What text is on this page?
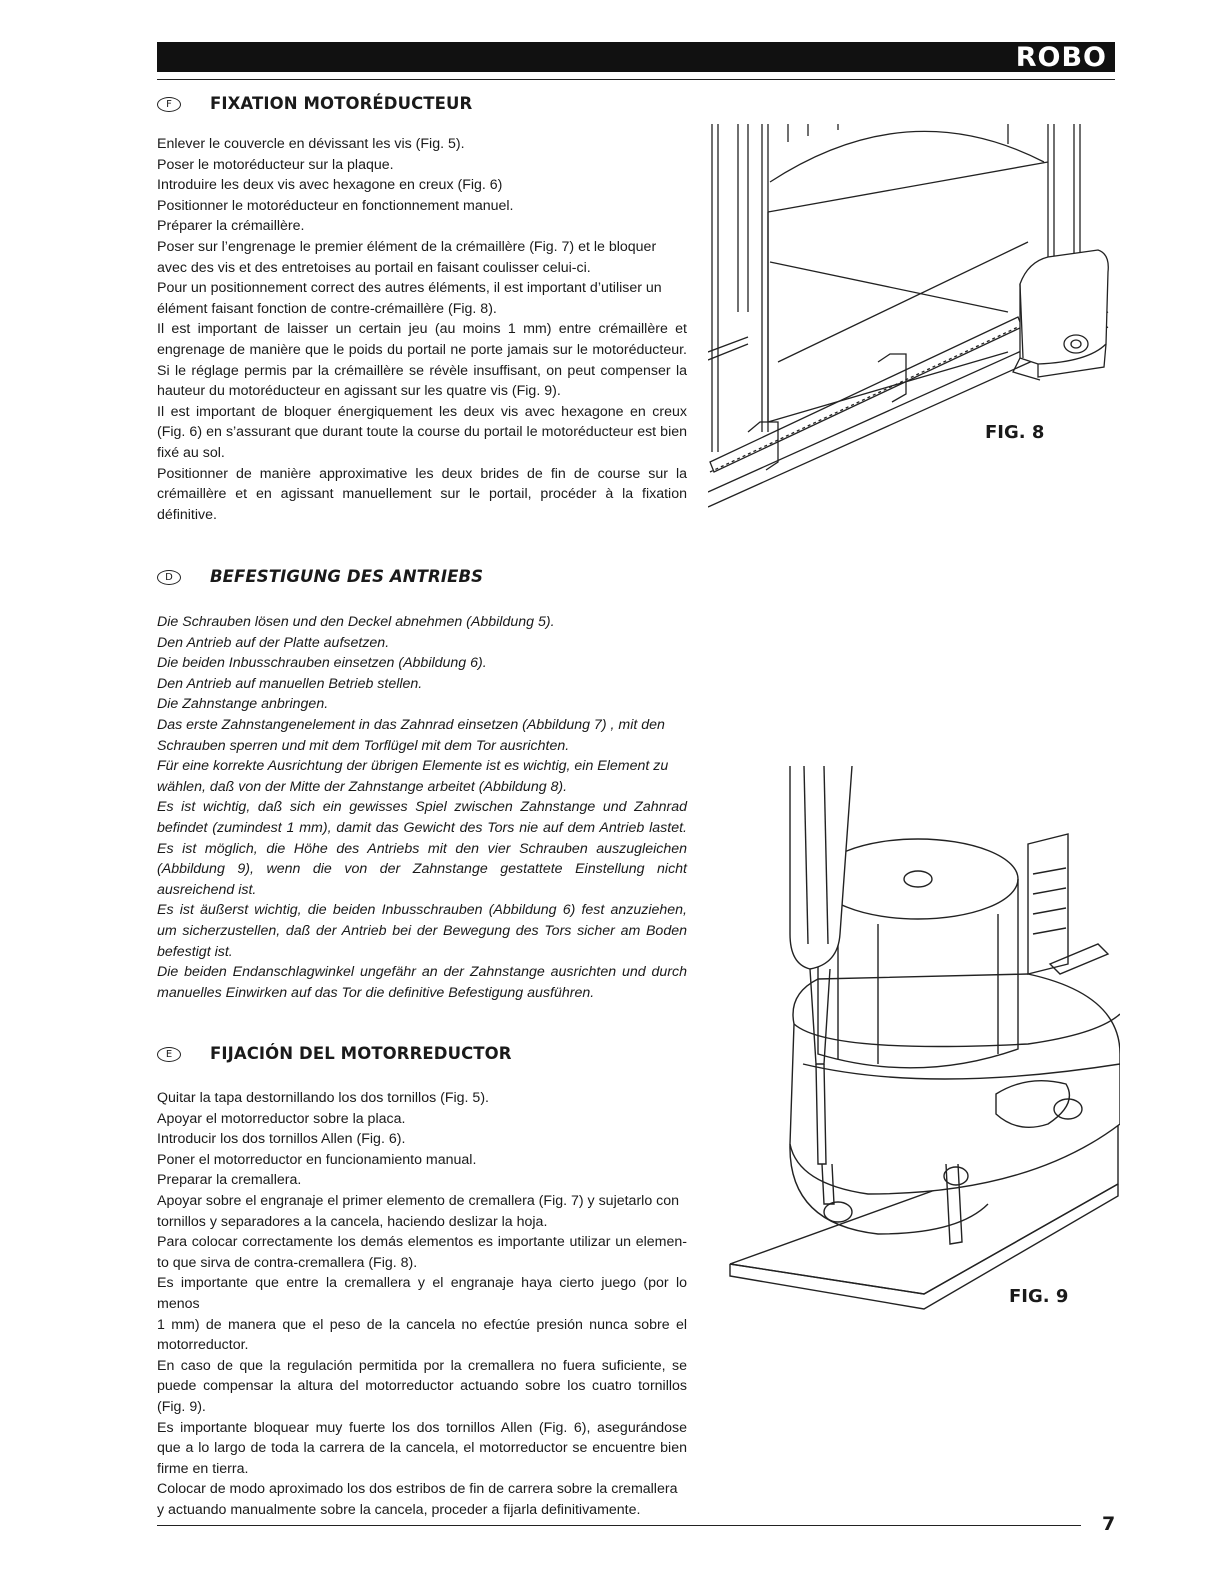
ROBO
F	FIXATION MOTORÉDUCTEUR

Enlever le couvercle en dévissant les vis (Fig. 5).

Poser le motoréducteur sur la plaque.

Introduire les deux vis avec hexagone en creux (Fig. 6)

Positionner le motoréducteur en fonctionnement manuel.

Préparer la crémaillère.

Poser sur l’engrenage le premier élément de la crémaillère (Fig. 7) et le bloquer

avec des vis et des entretoises au portail en faisant coulisser celui-ci.

Pour un positionnement correct des autres éléments, il est important d’utiliser un

élément faisant fonction de contre-crémaillère (Fig. 8).

Il est important de laisser un certain jeu (au moins 1 mm) entre crémaillère et

engrenage de manière que le poids du portail ne porte jamais sur le motoréducteur.

Si le réglage permis par la crémaillère se révèle insuffisant, on peut compenser la

hauteur du motoréducteur en agissant sur les quatre vis (Fig. 9).

Il est important de bloquer énergiquement les deux vis avec hexagone en creux

(Fig. 6) en s’assurant que durant toute la course du portail le motoréducteur est bien

fixé au sol.

Positionner de manière approximative les deux brides de fin de course sur la

crémaillère et en agissant manuellement sur le portail, procéder à la fixation

définitive.

D	BEFESTIGUNG DES ANTRIEBS

Die Schrauben lösen und den Deckel abnehmen (Abbildung 5).

Den Antrieb auf der Platte aufsetzen.

Die beiden Inbusschrauben einsetzen (Abbildung 6).

Den Antrieb auf manuellen Betrieb stellen.

Die Zahnstange anbringen.

Das erste Zahnstangenelement in das Zahnrad einsetzen (Abbildung 7) , mit den

Schrauben sperren und mit dem Torflügel mit dem Tor ausrichten.

Für eine korrekte Ausrichtung der übrigen Elemente ist es wichtig, ein Element zu

wählen, daß von der Mitte der Zahnstange arbeitet (Abbildung 8).

Es ist wichtig, daß sich ein gewisses Spiel zwischen Zahnstange und Zahnrad

befindet (zumindest 1 mm), damit das Gewicht des Tors nie auf dem Antrieb lastet.

Es ist möglich, die Höhe des Antriebs mit den vier Schrauben auszugleichen

(Abbildung 9), wenn die von der Zahnstange gestattete Einstellung nicht

ausreichend ist.

Es ist äußerst wichtig, die beiden Inbusschrauben (Abbildung 6) fest anzuziehen,

um sicherzustellen, daß der Antrieb bei der Bewegung des Tors sicher am Boden

befestigt ist.

Die beiden Endanschlagwinkel ungefähr an der Zahnstange ausrichten und durch

manuelles Einwirken auf das Tor die definitive Befestigung ausführen.

E	FIJACIÓN DEL MOTORREDUCTOR

Quitar la tapa destornillando los dos tornillos (Fig. 5).

Apoyar el motorreductor sobre la placa.

Introducir los dos tornillos Allen (Fig. 6).

Poner el motorreductor en funcionamiento manual.

Preparar la cremallera.

Apoyar sobre el engranaje el primer elemento de cremallera (Fig. 7) y sujetarlo con

tornillos y separadores a la cancela, haciendo deslizar la hoja.

Para colocar correctamente los demás elementos es importante utilizar un elemen-

to que sirva de contra-cremallera (Fig. 8).

Es importante que entre la cremallera y el engranaje haya cierto juego (por lo menos

1 mm) de manera que el peso de la cancela no efectúe presión nunca sobre el

motorreductor.

En caso de que la regulación permitida por la cremallera no fuera suficiente, se

puede compensar la altura del motorreductor actuando sobre los cuatro tornillos

(Fig. 9).

Es importante bloquear muy fuerte los dos tornillos Allen (Fig. 6), asegurándose

que a lo largo de toda la carrera de la cancela, el motorreductor se encuentre bien

firme en tierra.

Colocar de modo aproximado los dos estribos de fin de carrera sobre la cremallera

y actuando manualmente sobre la cancela, proceder a fijarla definitivamente.

FIG. 8
FIG. 9
7
